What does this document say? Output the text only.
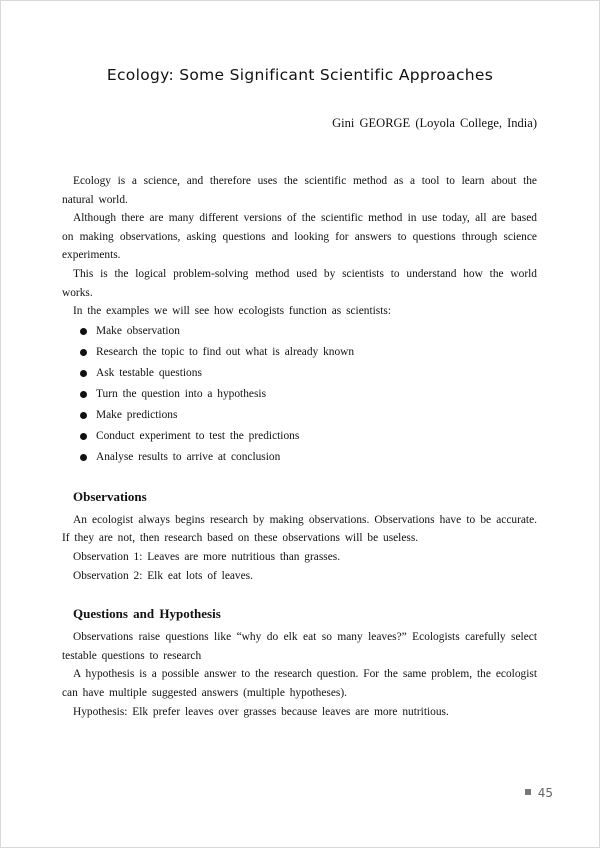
Ecology: Some Significant Scientific Approaches
Gini GEORGE (Loyola College, India)

Ecology is a science, and therefore uses the scientific method as a tool to learn about the natural world.

Although there are many different versions of the scientific method in use today, all are based on making observations, asking questions and looking for answers to questions through science experiments.

This is the logical problem-solving method used by scientists to understand how the world works.

In the examples we will see how ecologists function as scientists:

Make observation
Research the topic to find out what is already known
Ask testable questions
Turn the question into a hypothesis
Make predictions
Conduct experiment to test the predictions
Analyse results to arrive at conclusion
Observations

An ecologist always begins research by making observations. Observations have to be accurate. If they are not, then research based on these observations will be useless.

Observation 1: Leaves are more nutritious than grasses.

Observation 2: Elk eat lots of leaves.

Questions and Hypothesis

Observations raise questions like “why do elk eat so many leaves?” Ecologists carefully select testable questions to research

A hypothesis is a possible answer to the research question. For the same problem, the ecologist can have multiple suggested answers (multiple hypotheses).

Hypothesis: Elk prefer leaves over grasses because leaves are more nutritious.

45
